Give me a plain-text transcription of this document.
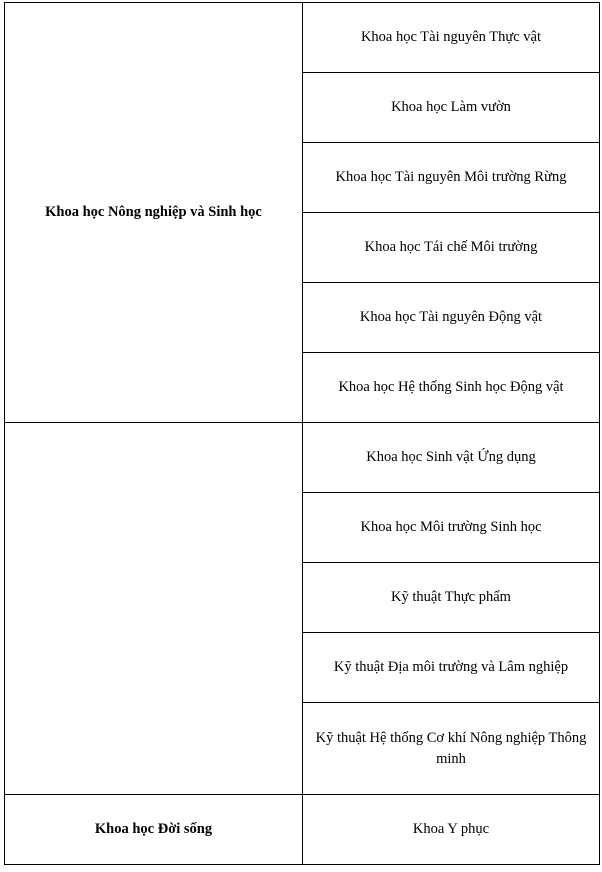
Khoa học Nông nghiệp và Sinh học	Khoa học Tài nguyên Thực vật
	Khoa học Làm vườn
	Khoa học Tài nguyên Môi trường Rừng
	Khoa học Tái chế Môi trường
	Khoa học Tài nguyên Động vật
	Khoa học Hệ thống Sinh học Động vật
	Khoa học Sinh vật Ứng dụng
	Khoa học Môi trường Sinh học
	Kỹ thuật Thực phẩm
	Kỹ thuật Địa môi trường và Lâm nghiệp
	Kỹ thuật Hệ thống Cơ khí Nông nghiệp Thông minh
Khoa học Đời sống	Khoa Y phục
